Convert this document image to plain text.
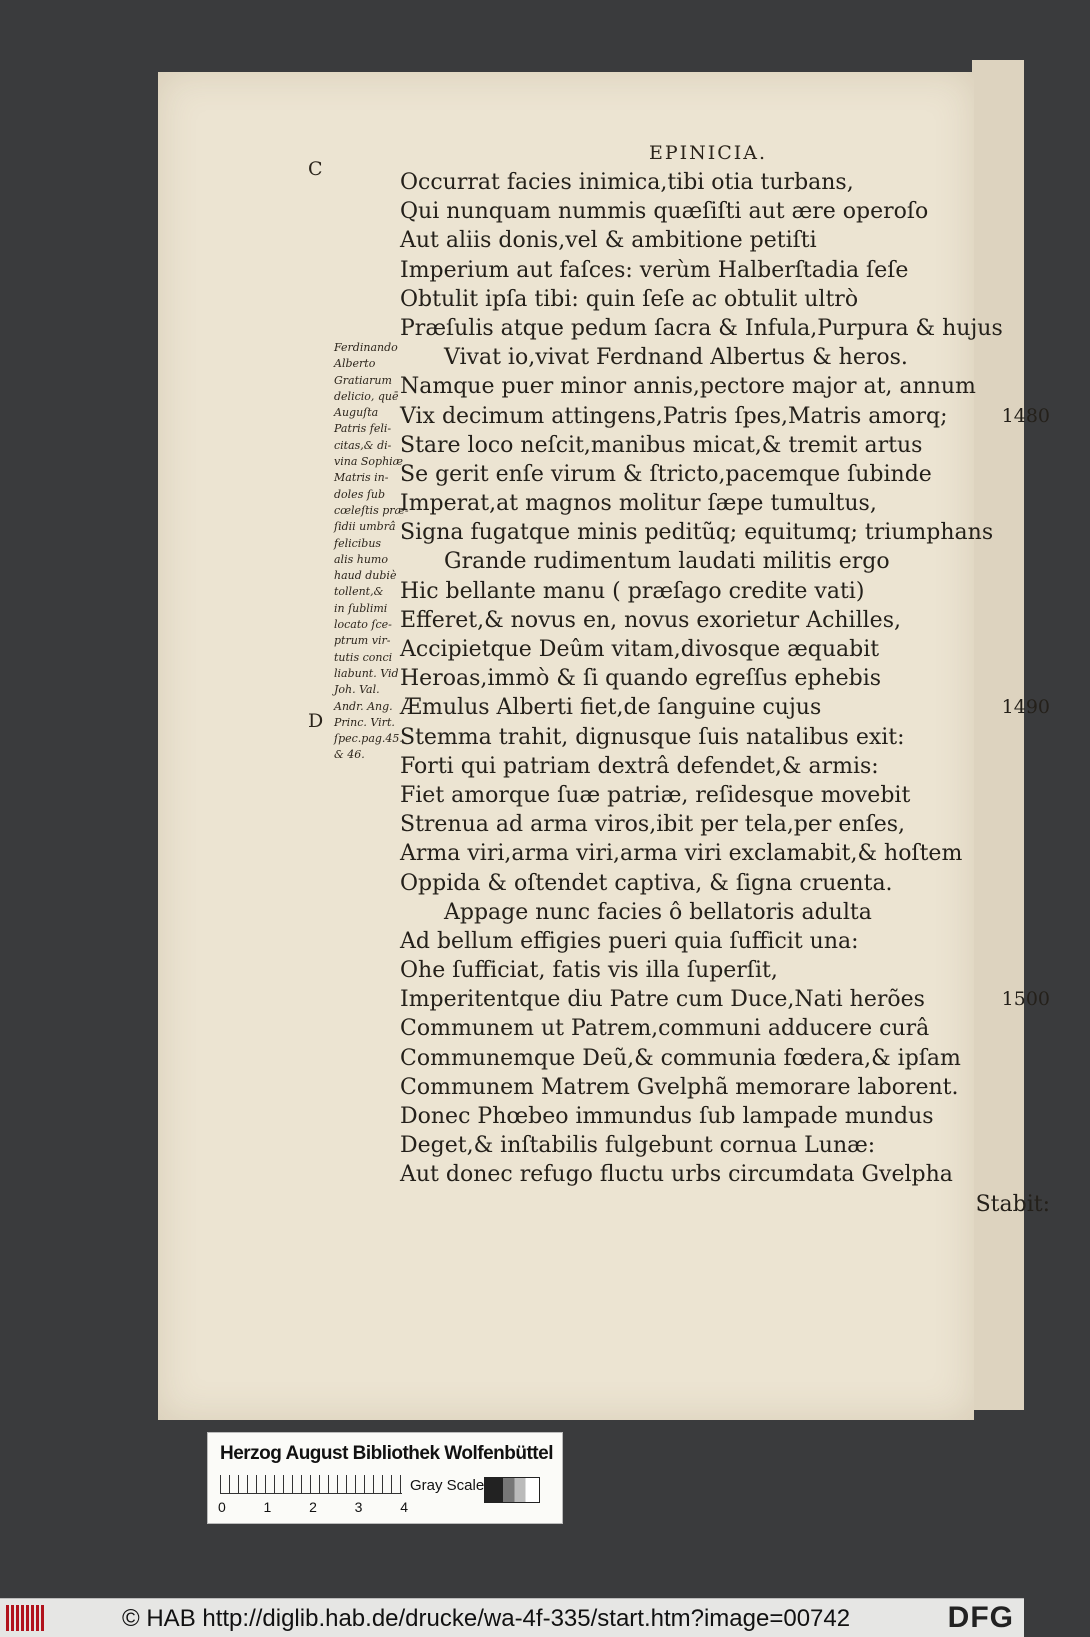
EPINICIA.
C
D
Ferdinando
Alberto
Gratiarum
delicio, quē
Auguſta
Patris feli-
citas,& di-
vina Sophiæ
Matris in-
doles ſub
cœleſtis præ-
ſidii umbrâ
felicibus
alis humo
haud dubiè
tollent,&
in ſublimi
locato ſce-
ptrum vir-
tutis conci
liabunt. Vid
Joh. Val.
Andr. Ang.
Princ. Virt.
ſpec.pag.45.
& 46.
Occurrat facies inimica,tibi otia turbans,
Qui nunquam nummis quæſiſti aut ære operoſo
Aut aliis donis,vel & ambitione petiſti
Imperium aut faſces: verùm Halberſtadia ſeſe
Obtulit ipſa tibi: quin ſeſe ac obtulit ultrò
Præſulis atque pedum ſacra & Infula,Purpura & hujus
Vivat io,vivat Ferdnand Albertus & heros.
Namque puer minor annis,pectore major at, annum
Vix decimum attingens,Patris ſpes,Matris amorq;	1480
Stare loco neſcit,manibus micat,& tremit artus
Se gerit enſe virum & ſtricto,pacemque ſubinde
Imperat,at magnos molitur ſæpe tumultus,
Signa fugatque minis peditũq; equitumq; triumphans
Grande rudimentum laudati militis ergo
Hic bellante manu ( præſago credite vati)
Efferet,& novus en, novus exorietur Achilles,
Accipietque Deûm vitam,divosque æquabit
Heroas,immò & ſi quando egreſſus ephebis
Æmulus Alberti fiet,de ſanguine cujus	1490
Stemma trahit, dignusque ſuis natalibus exit:
Forti qui patriam dextrâ defendet,& armis:
Fiet amorque ſuæ patriæ, reſidesque movebit
Strenua ad arma viros,ibit per tela,per enſes,
Arma viri,arma viri,arma viri exclamabit,& hoſtem
Oppida & oſtendet captiva, & ſigna cruenta.
Appage nunc facies ô bellatoris adulta
Ad bellum effigies pueri quia ſufficit una:
Ohe ſufficiat, fatis vis illa ſuperſit,
Imperitentque diu Patre cum Duce,Nati herões	1500
Communem ut Patrem,communi adducere curâ
Communemque Deũ,& communia fœdera,& ipſam
Communem Matrem Gvelphã memorare laborent.
Donec Phœbeo immundus ſub lampade mundus
Deget,& inſtabilis fulgebunt cornua Lunæ:
Aut donec refugo fluctu urbs circumdata Gvelpha
Stabit:
Herzog August Bibliothek Wolfenbüttel
0	1	2	3	4
Gray Scale
© HAB http://diglib.hab.de/drucke/wa-4f-335/start.htm?image=00742	DFG
